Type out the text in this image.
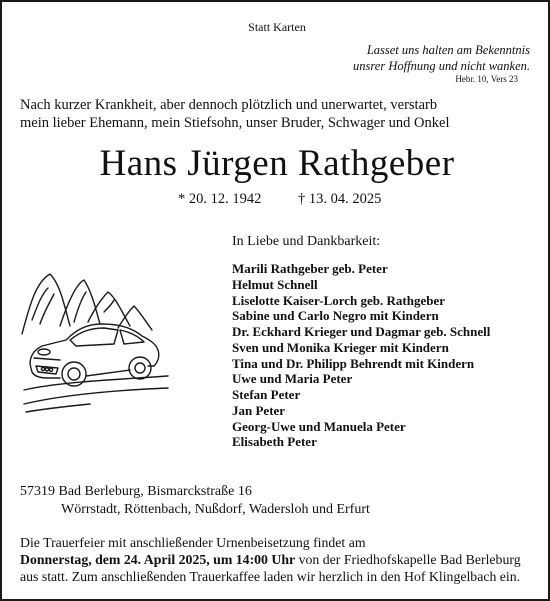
Statt Karten
Lasset uns halten am Bekenntnis
unsrer Hoffnung und nicht wanken.
Hebr. 10, Vers 23
Nach kurzer Krankheit, aber dennoch plötzlich und unerwartet, verstarb
mein lieber Ehemann, mein Stiefsohn, unser Bruder, Schwager und Onkel
Hans Jürgen Rathgeber
* 20. 12. 1942	† 13. 04. 2025
In Liebe und Dankbarkeit:
Marili Rathgeber geb. Peter
Helmut Schnell
Liselotte Kaiser-Lorch geb. Rathgeber
Sabine und Carlo Negro mit Kindern
Dr. Eckhard Krieger und Dagmar geb. Schnell
Sven und Monika Krieger mit Kindern
Tina und Dr. Philipp Behrendt mit Kindern
Uwe und Maria Peter
Stefan Peter
Jan Peter
Georg-Uwe und Manuela Peter
Elisabeth Peter
57319 Bad Berleburg, Bismarckstraße 16
Wörrstadt, Röttenbach, Nußdorf, Wadersloh und Erfurt
Die Trauerfeier mit anschließender Urnenbeisetzung findet am
Donnerstag, dem 24. April 2025, um 14:00 Uhr von der Friedhofskapelle Bad Berleburg
aus statt. Zum anschließenden Trauerkaffee laden wir herzlich in den Hof Klingelbach ein.
